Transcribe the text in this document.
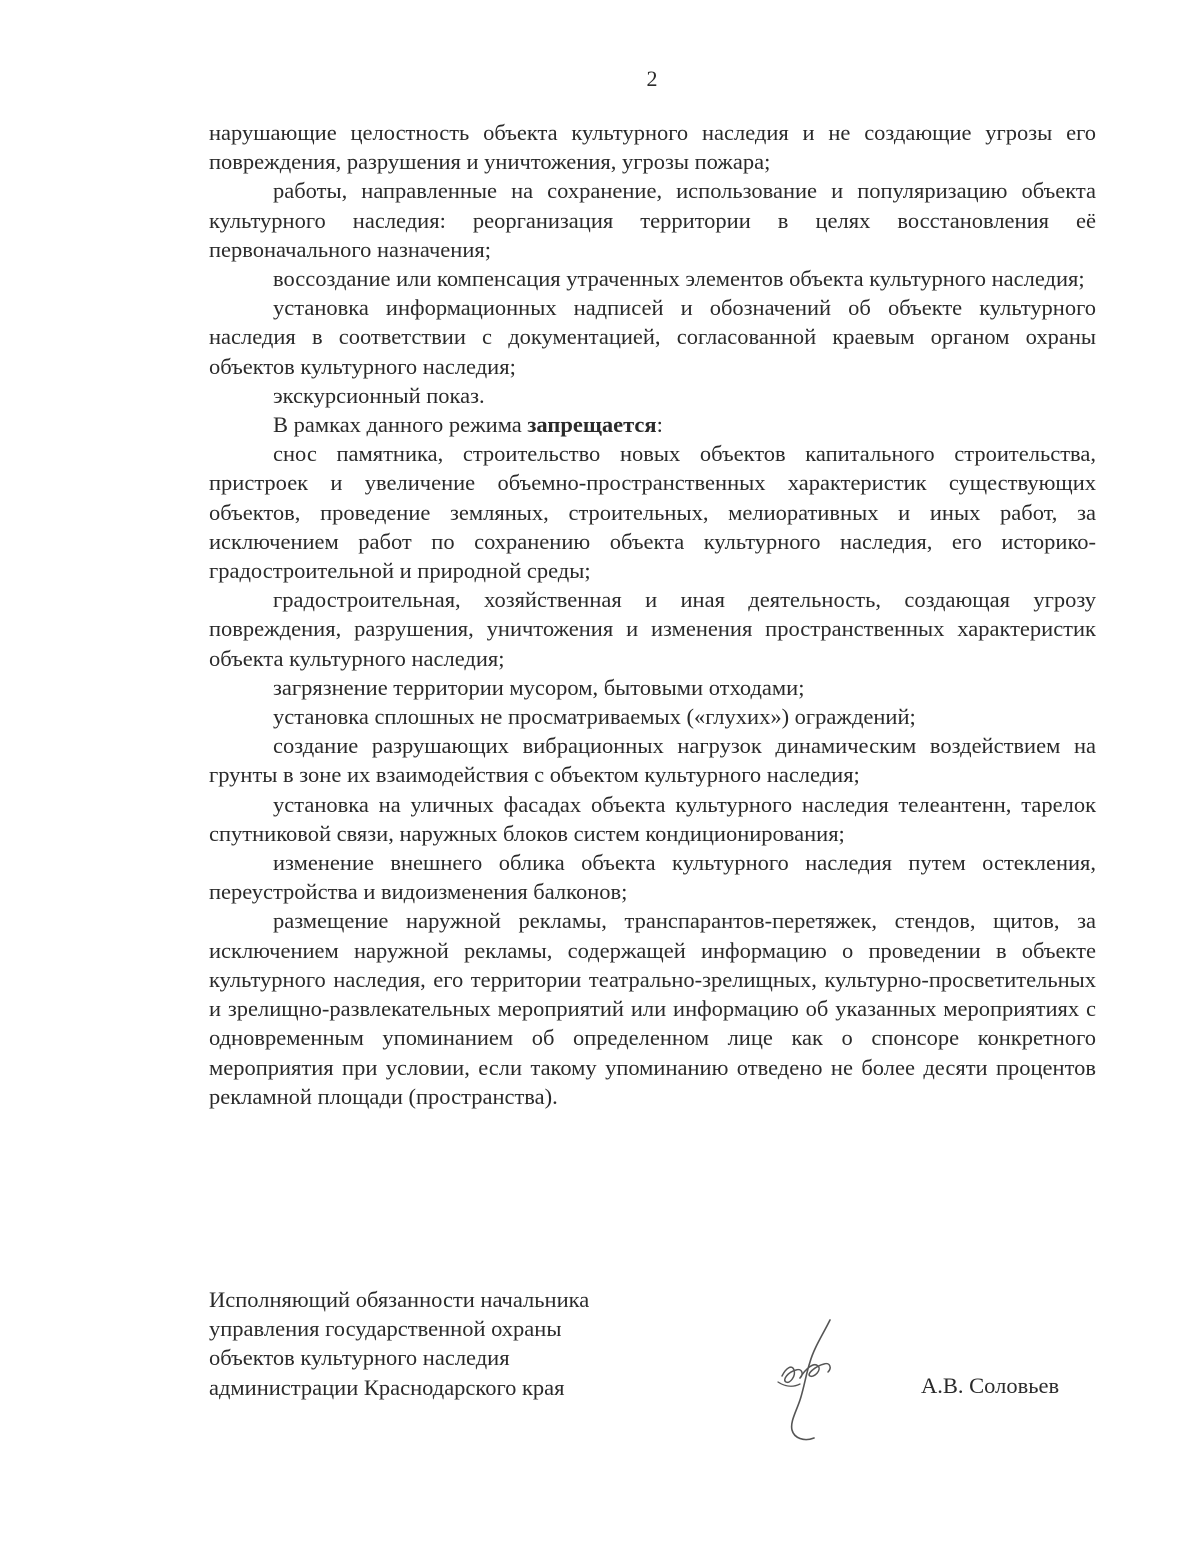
2

нарушающие целостность объекта культурного наследия и не создающие угрозы его повреждения, разрушения и уничтожения, угрозы пожара;

работы, направленные на сохранение, использование и популяризацию объекта культурного наследия: реорганизация территории в целях восстановления её первоначального назначения;

воссоздание или компенсация утраченных элементов объекта культурного наследия;

установка информационных надписей и обозначений об объекте культурного наследия в соответствии с документацией, согласованной краевым органом охраны объектов культурного наследия;

экскурсионный показ.

В рамках данного режима запрещается:

снос памятника, строительство новых объектов капитального строительства, пристроек и увеличение объемно-пространственных характеристик существующих объектов, проведение земляных, строительных, мелиоративных и иных работ, за исключением работ по сохранению объекта культурного наследия, его историко-градостроительной и природной среды;

градостроительная, хозяйственная и иная деятельность, создающая угрозу повреждения, разрушения, уничтожения и изменения пространственных характеристик объекта культурного наследия;

загрязнение территории мусором, бытовыми отходами;

установка сплошных не просматриваемых («глухих») ограждений;

создание разрушающих вибрационных нагрузок динамическим воздействием на грунты в зоне их взаимодействия с объектом культурного наследия;

установка на уличных фасадах объекта культурного наследия телеантенн, тарелок спутниковой связи, наружных блоков систем кондиционирования;

изменение внешнего облика объекта культурного наследия путем остекления, переустройства и видоизменения балконов;

размещение наружной рекламы, транспарантов-перетяжек, стендов, щитов, за исключением наружной рекламы, содержащей информацию о проведении в объекте культурного наследия, его территории театрально-зрелищных, культурно-просветительных и зрелищно-развлекательных мероприятий или информацию об указанных мероприятиях с одновременным упоминанием об определенном лице как о спонсоре конкретного мероприятия при условии, если такому упоминанию отведено не более десяти процентов рекламной площади (пространства).

Исполняющий обязанности начальника
управления государственной охраны
объектов культурного наследия
администрации Краснодарского края	А.В. Соловьев
